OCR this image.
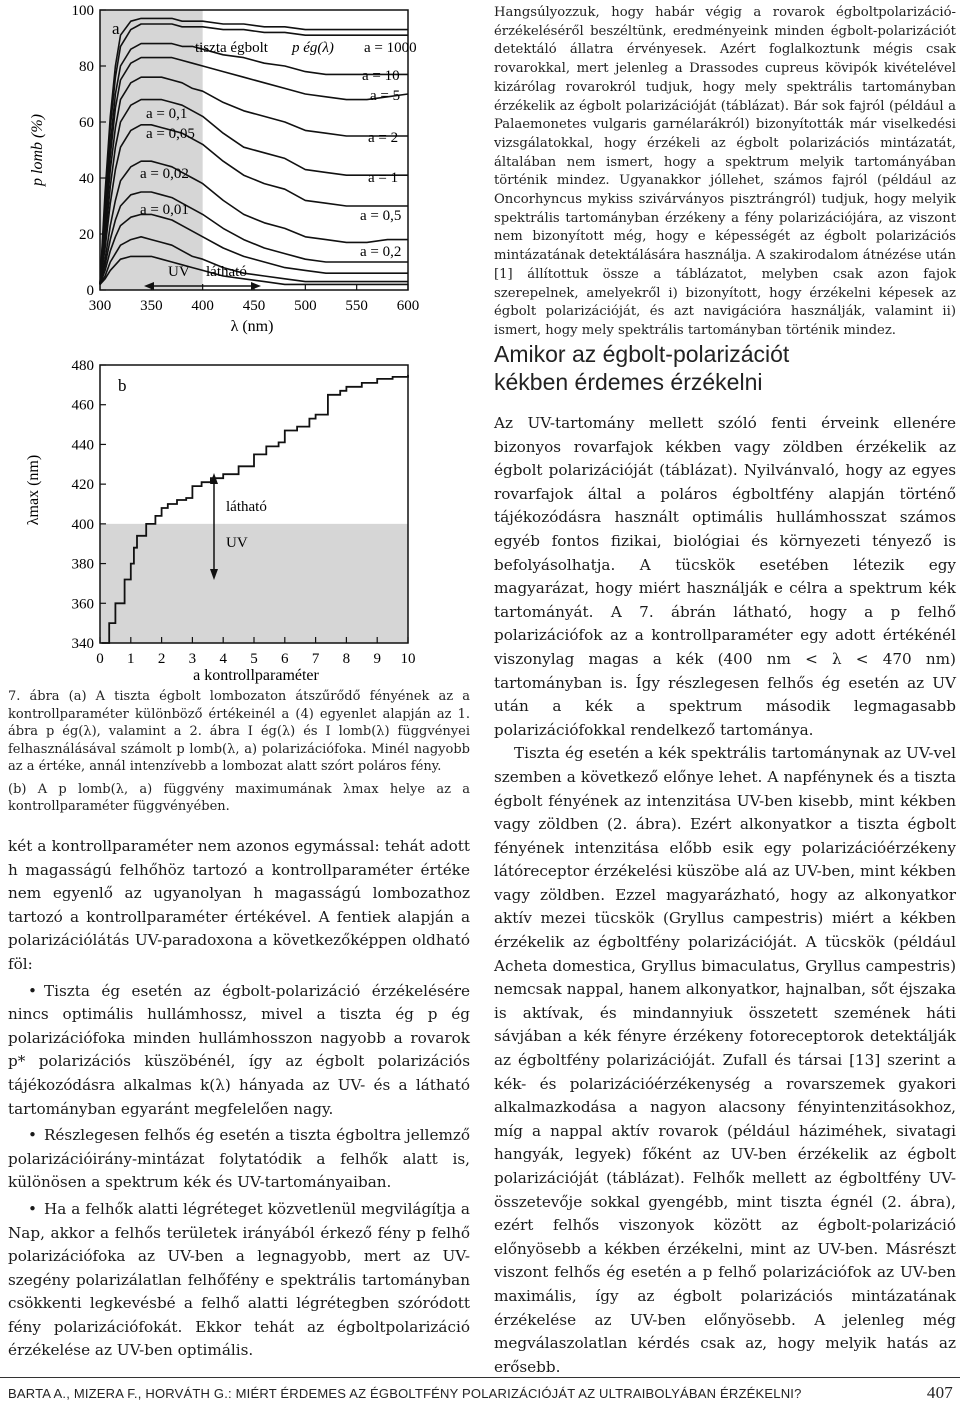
300 350 400 450 500 550 600
0
20
40
60
80
100
a
tiszta égbolt p ég(λ) a = 1000
a = 10
a = 5
a = 2
a = 1
a = 0,5
a = 0,2
a = 0,1
a = 0,05
a = 0,02
a = 0,01
UV látható
λ (nm)
p lomb (%)
0 1 2 3 4 5 6 7 8 9 10
340
360
380
400
420
440
460
480
b
látható
UV
a kontrollparaméter
λmax (nm)

7. ábra (a) A tiszta égbolt lombozaton átszűrődő fényének az a kontrollparaméter különböző értékeinél a (4) egyenlet alapján az 1. ábra p ég(λ), valamint a 2. ábra I ég(λ) és I lomb(λ) függvényei felhasználásával számolt p lomb(λ, a) polarizációfoka. Minél nagyobb az a értéke, annál intenzívebb a lombozat alatt szórt poláros fény.

(b) A p lomb(λ, a) függvény maximumának λmax helye az a kontrollparaméter függvényében.

két a kontrollparaméter nem azonos egymással: tehát adott h magasságú felhőhöz tartozó a kontrollparaméter értéke nem egyenlő az ugyanolyan h magasságú lombozathoz tartozó a kontrollparaméter értékével. A fentiek alapján a polarizációlátás UV-paradoxona a következőképpen oldható föl:

• Tiszta ég esetén az égbolt-polarizáció érzékelésére nincs optimális hullámhossz, mivel a tiszta ég p ég polarizációfoka minden hullámhosszon nagyobb a rovarok p* polarizációs küszöbénél, így az égbolt polarizációs tájékozódásra alkalmas k(λ) hányada az UV- és a látható tartományban egyaránt megfelelően nagy.

• Részlegesen felhős ég esetén a tiszta égboltra jellemző polarizációirány-mintázat folytatódik a felhők alatt is, különösen a spektrum kék és UV-tartományaiban.

• Ha a felhők alatti légréteget közvetlenül megvilágítja a Nap, akkor a felhős területek irányából érkező fény p felhő polarizációfoka az UV-ben a legnagyobb, mert az UV-szegény polarizálatlan felhőfény e spektrális tartományban csökkenti legkevésbé a felhő alatti légrétegben szóródott fény polarizációfokát. Ekkor tehát az égboltpolarizáció érzékelése az UV-ben optimális.

Hangsúlyozzuk, hogy habár végig a rovarok égboltpolarizáció-érzékeléséről beszéltünk, eredményeink minden égbolt-polarizációt detektáló állatra érvényesek. Azért foglalkoztunk mégis csak rovarokkal, mert jelenleg a Drassodes cupreus kövipók kivételével kizárólag rovarokról tudjuk, hogy mely spektrális tartományban érzékelik az égbolt polarizációját (táblázat). Bár sok fajról (például a Palaemonetes vulgaris garnélarákról) bizonyították már viselkedési vizsgálatokkal, hogy érzékeli az égbolt polarizációs mintázatát, általában nem ismert, hogy a spektrum melyik tartományában történik mindez. Ugyanakkor jóllehet, számos fajról (például az Oncorhyncus mykiss szivárványos pisztrángról) tudjuk, hogy melyik spektrális tartományban érzékeny a fény polarizációjára, az viszont nem bizonyított még, hogy e képességét az égbolt polarizációs mintázatának detektálására használja. A szakirodalom átnézése után [1] állítottuk össze a táblázatot, melyben csak azon fajok szerepelnek, amelyekről i) bizonyított, hogy érzékelni képesek az égbolt polarizációját, és azt navigációra használják, valamint ii) ismert, hogy mely spektrális tartományban történik mindez.

Amikor az égbolt-polarizációt
kékben érdemes érzékelni

Az UV-tartomány mellett szóló fenti érveink ellenére bizonyos rovarfajok kékben vagy zöldben érzékelik az égbolt polarizációját (táblázat). Nyilvánvaló, hogy az egyes rovarfajok által a poláros égboltfény alapján történő tájékozódásra használt optimális hullámhosszat számos egyéb fontos fizikai, biológiai és környezeti tényező is befolyásolhatja. A tücskök esetében létezik egy magyarázat, hogy miért használják e célra a spektrum kék tartományát. A 7. ábrán látható, hogy a p felhő polarizációfok az a kontrollparaméter egy adott értékénél viszonylag magas a kék (400 nm < λ < 470 nm) tartományban is. Így részlegesen felhős ég esetén az UV után a kék a spektrum második legmagasabb polarizációfokkal rendelkező tartománya.

Tiszta ég esetén a kék spektrális tartománynak az UV-vel szemben a következő előnye lehet. A napfénynek és a tiszta égbolt fényének az intenzitása UV-ben kisebb, mint kékben vagy zöldben (2. ábra). Ezért alkonyatkor a tiszta égbolt fényének intenzitása előbb esik egy polarizációérzékeny látóreceptor érzékelési küszöbe alá az UV-ben, mint kékben vagy zöldben. Ezzel magyarázható, hogy az alkonyatkor aktív mezei tücskök (Gryllus campestris) miért a kékben érzékelik az égboltfény polarizációját. A tücskök (például Acheta domestica, Gryllus bimaculatus, Gryllus campestris) nemcsak nappal, hanem alkonyatkor, hajnalban, sőt éjszaka is aktívak, és mindannyiuk összetett szemének háti sávjában a kék fényre érzékeny fotoreceptorok detektálják az égboltfény polarizációját. Zufall és társai [13] szerint a kék- és polarizációérzékenység a rovarszemek gyakori alkalmazkodása a nagyon alacsony fényintenzitásokhoz, míg a nappal aktív rovarok (például háziméhek, sivatagi hangyák, legyek) főként az UV-ben érzékelik az égbolt polarizációját (táblázat). Felhők mellett az égboltfény UV-összetevője sokkal gyengébb, mint tiszta égnél (2. ábra), ezért felhős viszonyok között az égbolt-polarizáció előnyösebb a kékben érzékelni, mint az UV-ben. Másrészt viszont felhős ég esetén a p felhő polarizációfok az UV-ben maximális, így az égbolt polarizációs mintázatának érzékelése az UV-ben előnyösebb. A jelenleg még megválaszolatlan kérdés csak az, hogy melyik hatás az erősebb.

BARTA A., MIZERA F., HORVÁTH G.: MIÉRT ÉRDEMES AZ ÉGBOLTFÉNY POLARIZÁCIÓJÁT AZ ULTRAIBOLYÁBAN ÉRZÉKELNI?	407
